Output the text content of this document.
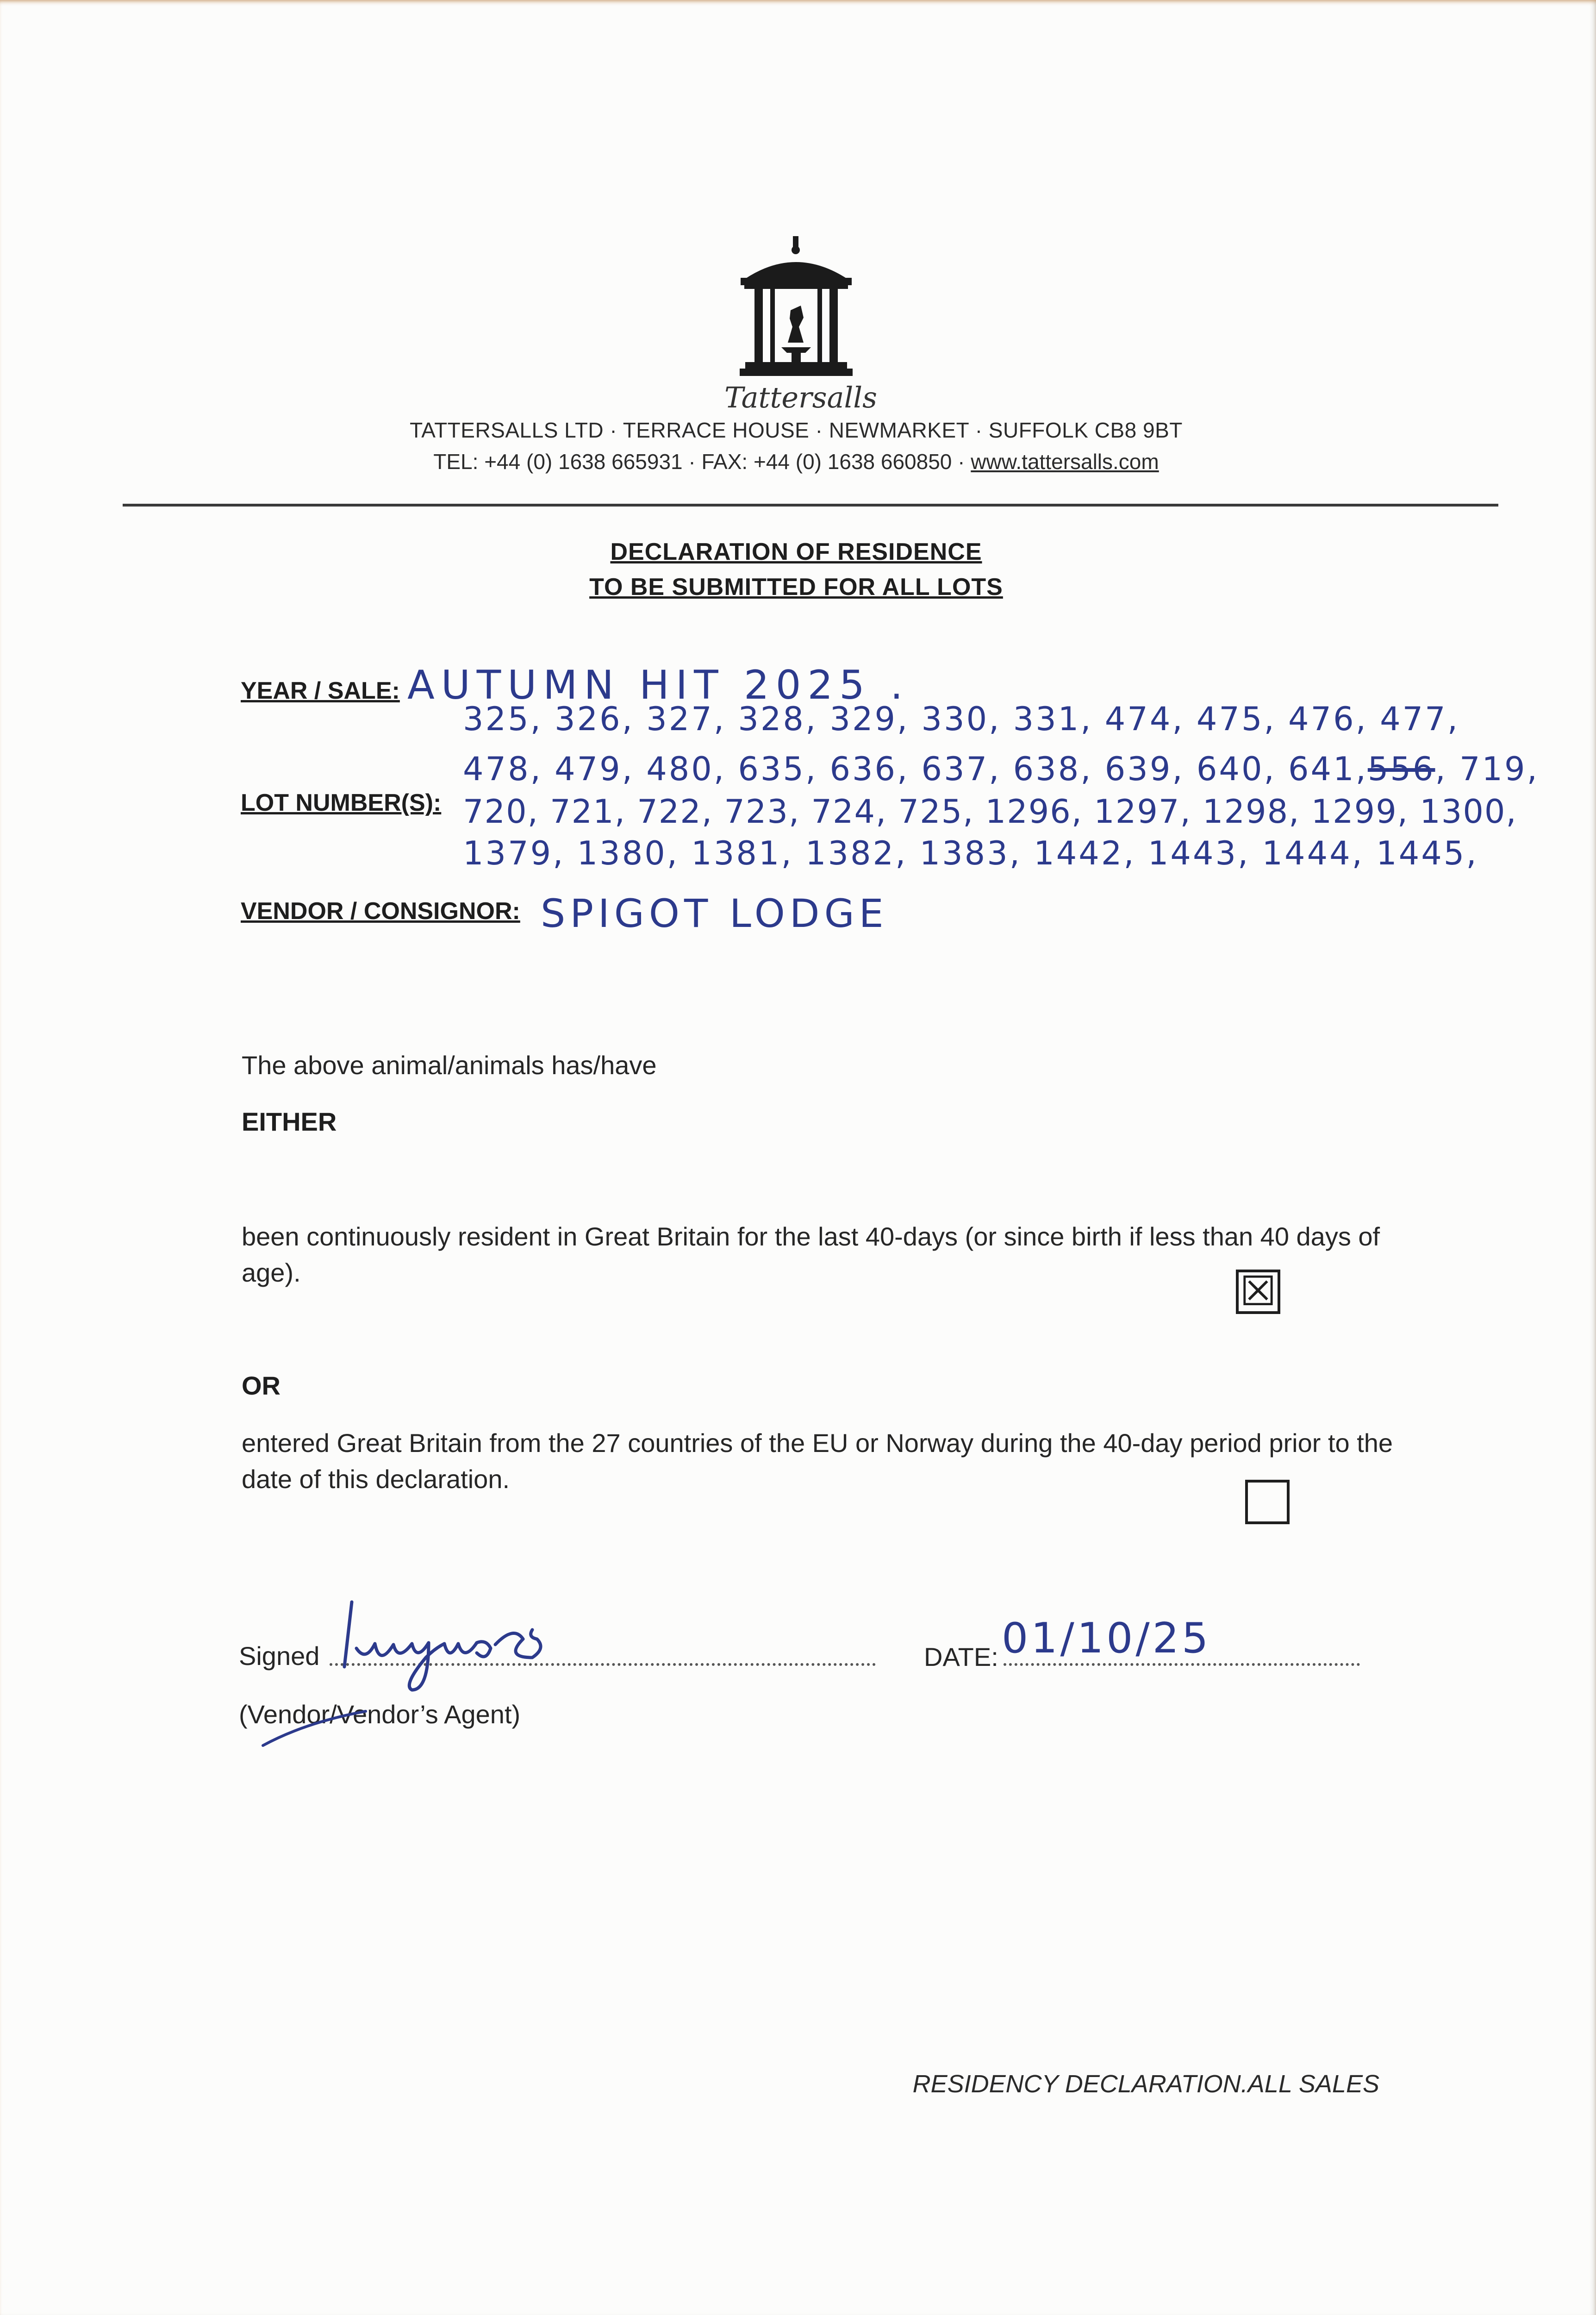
Tattersalls
TATTERSALLS LTD · TERRACE HOUSE · NEWMARKET · SUFFOLK CB8 9BT
TEL: +44 (0) 1638 665931 · FAX: +44 (0) 1638 660850 · www.tattersalls.com
DECLARATION OF RESIDENCE
TO BE SUBMITTED FOR ALL LOTS
YEAR / SALE: AUTUMN HIT 2025 .
325, 326, 327, 328, 329, 330, 331, 474, 475, 476, 477,
478, 479, 480, 635, 636, 637, 638, 639, 640, 641,556, 719,
LOT NUMBER(S): 720, 721, 722, 723, 724, 725, 1296, 1297, 1298, 1299, 1300,
1379, 1380, 1381, 1382, 1383, 1442, 1443, 1444, 1445,
VENDOR / CONSIGNOR: SPIGOT LODGE
The above animal/animals has/have
EITHER
been continuously resident in Great Britain for the last 40-days (or since birth if less than 40 days of age).	☒
OR
entered Great Britain from the 27 countries of the EU or Norway during the 40-day period prior to the date of this declaration.
Signed	DATE: 01/10/25
(Vendor/Vendor’s Agent)
RESIDENCY DECLARATION.ALL SALES
